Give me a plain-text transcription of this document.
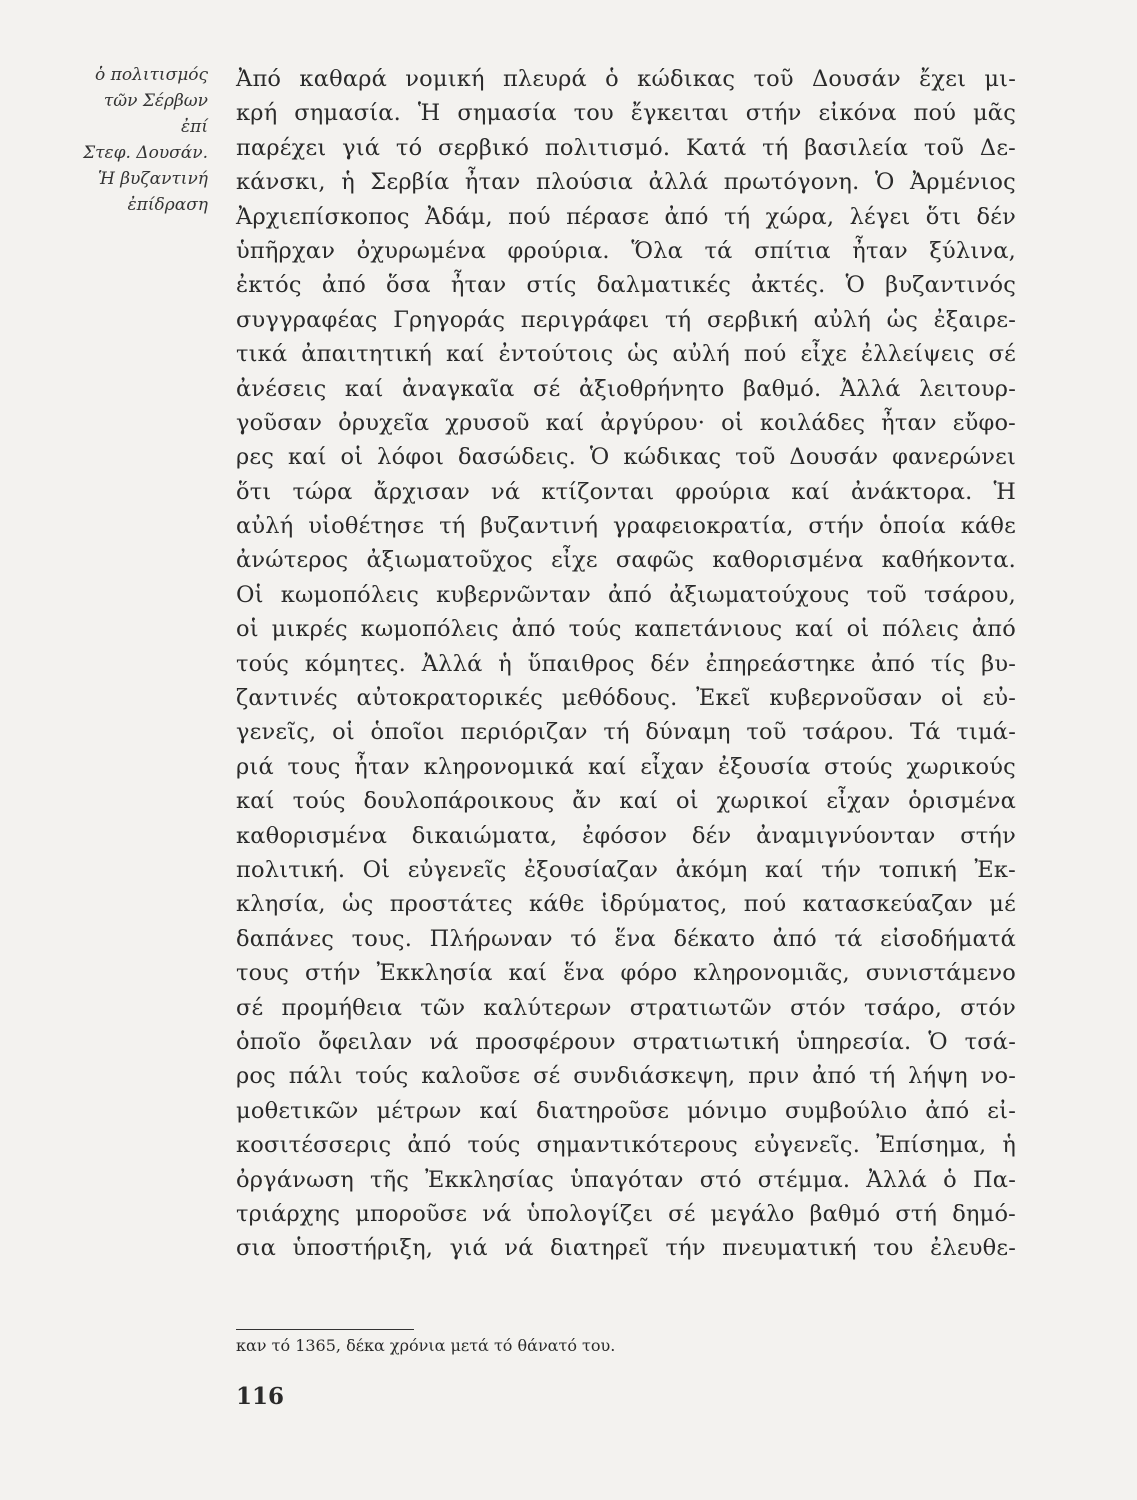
ὁ πολιτισμός
τῶν Σέρβων
ἐπί
Στεφ. Δουσάν.
Ἡ βυζαντινή
ἐπίδραση
Ἀπό καθαρά νομική πλευρά ὁ κώδικας τοῦ Δουσάν ἔχει μι-
κρή σημασία. Ἡ σημασία του ἔγκειται στήν εἰκόνα πού μᾶς
παρέχει γιά τό σερβικό πολιτισμό. Κατά τή βασιλεία τοῦ Δε-
κάνσκι, ἡ Σερβία ἦταν πλούσια ἀλλά πρωτόγονη. Ὁ Ἀρμένιος
Ἀρχιεπίσκοπος Ἀδάμ, πού πέρασε ἀπό τή χώρα, λέγει ὅτι δέν
ὑπῆρχαν ὀχυρωμένα φρούρια. Ὅλα τά σπίτια ἦταν ξύλινα,
ἐκτός ἀπό ὅσα ἦταν στίς δαλματικές ἀκτές. Ὁ βυζαντινός
συγγραφέας Γρηγοράς περιγράφει τή σερβική αὐλή ὡς ἐξαιρε-
τικά ἀπαιτητική καί ἐντούτοις ὡς αὐλή πού εἶχε ἐλλείψεις σέ
ἀνέσεις καί ἀναγκαῖα σέ ἀξιοθρήνητο βαθμό. Ἀλλά λειτουρ-
γοῦσαν ὀρυχεῖα χρυσοῦ καί ἀργύρου· οἱ κοιλάδες ἦταν εὔφο-
ρες καί οἱ λόφοι δασώδεις. Ὁ κώδικας τοῦ Δουσάν φανερώνει
ὅτι τώρα ἄρχισαν νά κτίζονται φρούρια καί ἀνάκτορα. Ἡ
αὐλή υἱοθέτησε τή βυζαντινή γραφειοκρατία, στήν ὁποία κάθε
ἀνώτερος ἀξιωματοῦχος εἶχε σαφῶς καθορισμένα καθήκοντα.
Οἱ κωμοπόλεις κυβερνῶνταν ἀπό ἀξιωματούχους τοῦ τσάρου,
οἱ μικρές κωμοπόλεις ἀπό τούς καπετάνιους καί οἱ πόλεις ἀπό
τούς κόμητες. Ἀλλά ἡ ὕπαιθρος δέν ἐπηρεάστηκε ἀπό τίς βυ-
ζαντινές αὐτοκρατορικές μεθόδους. Ἐκεῖ κυβερνοῦσαν οἱ εὐ-
γενεῖς, οἱ ὁποῖοι περιόριζαν τή δύναμη τοῦ τσάρου. Τά τιμά-
ριά τους ἦταν κληρονομικά καί εἶχαν ἐξουσία στούς χωρικούς
καί τούς δουλοπάροικους ἄν καί οἱ χωρικοί εἶχαν ὁρισμένα
καθορισμένα δικαιώματα, ἐφόσον δέν ἀναμιγνύονταν στήν
πολιτική. Οἱ εὐγενεῖς ἐξουσίαζαν ἀκόμη καί τήν τοπική Ἐκ-
κλησία, ὡς προστάτες κάθε ἱδρύματος, πού κατασκεύαζαν μέ
δαπάνες τους. Πλήρωναν τό ἕνα δέκατο ἀπό τά εἰσοδήματά
τους στήν Ἐκκλησία καί ἕνα φόρο κληρονομιᾶς, συνιστάμενο
σέ προμήθεια τῶν καλύτερων στρατιωτῶν στόν τσάρο, στόν
ὁποῖο ὄφειλαν νά προσφέρουν στρατιωτική ὑπηρεσία. Ὁ τσά-
ρος πάλι τούς καλοῦσε σέ συνδιάσκεψη, πριν ἀπό τή λήψη νο-
μοθετικῶν μέτρων καί διατηροῦσε μόνιμο συμβούλιο ἀπό εἰ-
κοσιτέσσερις ἀπό τούς σημαντικότερους εὐγενεῖς. Ἐπίσημα, ἡ
ὀργάνωση τῆς Ἐκκλησίας ὑπαγόταν στό στέμμα. Ἀλλά ὁ Πα-
τριάρχης μποροῦσε νά ὑπολογίζει σέ μεγάλο βαθμό στή δημό-
σια ὑποστήριξη, γιά νά διατηρεῖ τήν πνευματική του ἐλευθε-
καν τό 1365, δέκα χρόνια μετά τό θάνατό του.
116
